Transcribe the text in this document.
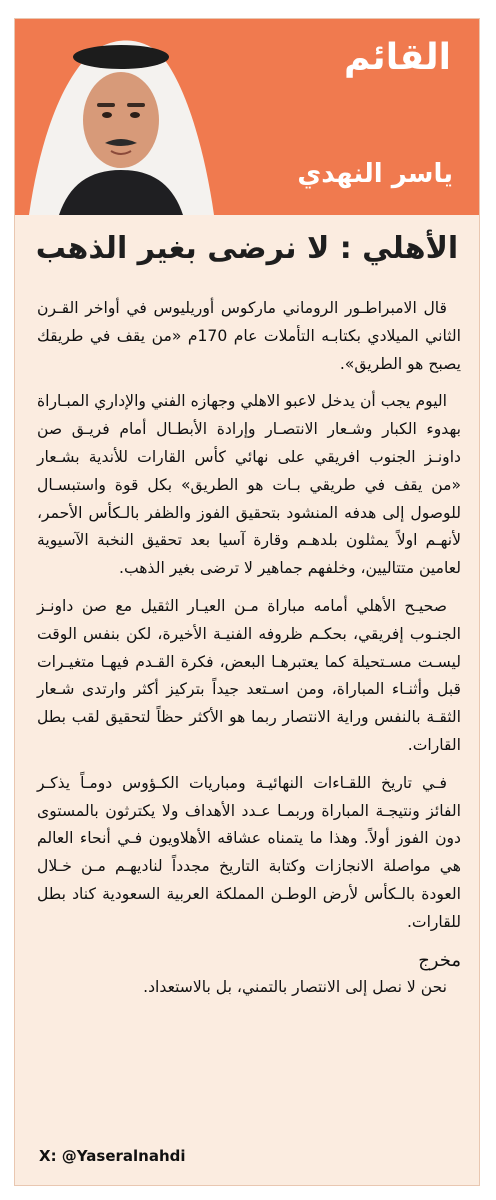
القائم
ياسر النهدي
الأهلي : لا نرضى بغير الذهب

قال الامبراطـور الروماني ماركوس أوريليوس في أواخر القـرن الثاني الميلادي بكتابـه التأملات عام 170م «من يقف في طريقك يصبح هو الطريق».

اليوم يجب أن يدخل لاعبو الاهلي وجهازه الفني والإداري المبـاراة بهدوء الكبار وشـعار الانتصـار وإرادة الأبطـال أمام فريـق صن داونـز الجنوب افريقي على نهائي كأس القارات للأندية بشـعار «من يقف في طريقي بـات هو الطريق» بكل قوة واستبسـال للوصول إلى هدفه المنشود بتحقيق الفوز والظفر بالـكأس الأحمر، لأنهـم اولاً يمثلون بلدهـم وقارة آسيا بعد تحقيق النخبة الآسيوية لعامين متتاليين، وخلفهم جماهير لا ترضى بغير الذهب.

صحيـح الأهلي أمامه مباراة مـن العيـار الثقيل مع صن داونـز الجنـوب إفريقي، بحكـم ظروفه الفنيـة الأخيرة، لكن بنفس الوقت ليسـت مسـتحيلة كما يعتبرهـا البعض، فكرة القـدم فيهـا متغيـرات قبل وأثنـاء المباراة، ومن اسـتعد جيداً بتركيز أكثر وارتدى شـعار الثقـة بالنفس وراية الانتصار ربما هو الأكثر حظاً لتحقيق لقب بطل القارات.

فـي تاريخ اللقـاءات النهائيـة ومباريات الكـؤوس دومـاً يذكـر الفائز ونتيجـة المباراة وربمـا عـدد الأهداف ولا يكترثون بالمستوى دون الفوز أولاً. وهذا ما يتمناه عشاقه الأهلاويون فـي أنحاء العالم هي مواصلة الانجازات وكتابة التاريخ مجدداً لناديهـم مـن خـلال العودة بالـكأس لأرض الوطـن المملكة العربية السعودية كناد بطل للقارات.

مخرج

نحن لا نصل إلى الانتصار بالتمني، بل بالاستعداد.

X: @Yaseralnahdi
